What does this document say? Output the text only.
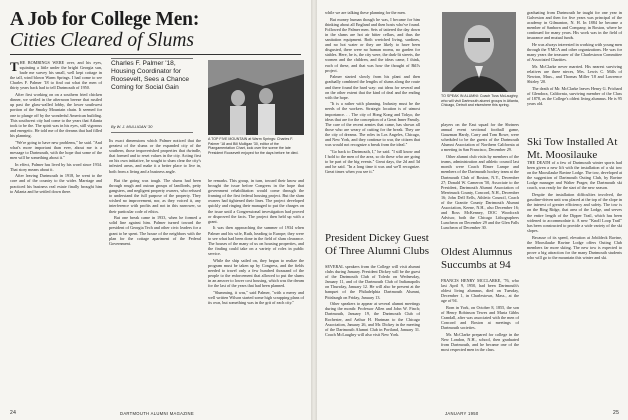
A Job for College Men:
Cities Cleared of Slums

THE BOMBINGS WERE over, and his eyes, squinting a little under the bright Georgia sun, bade me survey his small, well kept cottage in the tall, wind blown Warm Springs. I had come to see Charles F. Palmer '18 to find out what the men of thirty years back had to tell Dartmouth of 1950.

After first working on on a southern fried chicken dinner, we settled in the afternoon breeze that rustled up past the glass-walled lobby, the lower southwest portion of the Smoky Mountain chain. It seemed for one to plunge off by the wonderful American building. This southwest city had come to the years that Atlanta took to be the. The spirit was in his eyes, still vigorous and energetic. He told me of the dreams that had filled his planning.

"We're going to have new problems," he said. "And what's more important than ever, about me is a message to Dartmouth, with the hope that some of the men will be something about it."

In effect, Palmer has lived by his word since 1934. That story means about it.

After leaving Dartmouth in 1918, he went to the core and of the country to the wider. Marriage and practiced his business real estate finally brought him to Atlanta and he settled down there.

Charles F. Palmer '18, Housing Coordinator for Roosevelt, Sees a Chance Coming for Social Gain
By W. J. MULLIGAN '30

Its exact dimensions which Palmer noticed that the greatest of the slums or the expanded city of the southern, those impoverished properties that dwindle, that formed and to reset values in the city. Acting first on his own initiative, he sought to slum clear the city's infested areas, and make it a better place to live in, both from a living and a business angle.

But the going was tough. The slums had been through rough and outrun groups of landlords, petty gangsters, and negligent property owners, who refused to understand the full purpose of the property. They wished no improvement, nor, as they voiced it, any interference with profits and not in this narrower, so their particular code of ethics.

But one break came in 1933, when he formed a solid line against him. Palmer turned toward the president of Georgia Tech and other civic leaders for a grant to be spent. The house of the neighbors with the plan for the cottage apartment of the Federal Government.

A TOP FIVE MOUNTAIN at Warm Springs: Charles F. Palmer '18 and Bill Mulligan '30, editor of the Plangamentation Chart, look over the scene the late President Roosevelt enjoyed for the days before he died.

he remarks. This group, in turn, toward their know and brought the issue before Congress in the hope that government rehabilitation would come through the framing of the first federal housing project. But the slum owners had tightened their lines. The project developed quickly and ringing their managed to put the charges on the issue until a Congressional investigation had proved or disproved the facts. The project then held up with a grant.

It was then approaching the summer of 1934 when Palmer and his wife, Ruth, heading to Europe; they were to see what had been done in the field of slum clearance. The houses of the many of us on housing properties, and the finding could take on a variety of roles in public service.

While the ship sailed on, they began to realize the program must be taken up by Congress, and the fields needed to travel only a few hundred thousand of the people to the enforcement that allowed to put the slums in an answer to lower cost housing, which was the dream for the last of the years that had been planned.

"Slumming, it was," said Palmer, "with a merry and well written Wilson started some high scrapping plans of its own, but something was in the grit of each city."

24	DARTMOUTH ALUMNI MAGAZINE

while we are talking these planning for the men.

But money human though he was, I became for him thinking about all England and then hosts who've found. Followed the Palmer men. Sets of tattered the day down in the slums are hot air bitter cellars, and thus the sanitation equipment. Both wretched living, sardines, and no hot water or they are likely to have been disgusted, there were no human rooms, no garden for stables. Here, he is, the city were, the dark-lit streets, the women and the children, and the ideas came, I think, each of these, and that was how the thought of Bill's project.

Palmer started slowly from his plant and then gradually combined the lengths of slums along the route and there found the hard way: out ideas for several and on the other extent that the kind of deal and the ending with the hope.

"It is a rather with planning. Industry must be the needs of the workers. Strategic location is of utmost importance. . . The city of Hong Kong and Tokyo, the ideas that are for the conception of a Great Inner Family. The care of the recent armies that came, has shown all those who are weary of cutting for the break. They are the city of dreams. The roles in Los Angeles, Chicago, and New York, and they continue to war, the citizen that was would not recognize a break from the ideal."

"Go back to Dartmouth, I," he said. "I still know and I hold to the men of the area, so do these who are going to be part of the big events." Great days, the 2d and 3d and he said. "In a long time it was and we'll recognize. Great times when you see it."

TO SPEAK IN ALUMNI: Coach Tuss McLaughry, who will visit Dartmouth alumni groups in Atlanta, Chicago, Detroit and elsewhere this spring.

players on the East squad for the Shriners annual event sectional football game, Gauzman Hardy, Carry and Tom Rowe, were scheduled to be the guests of the Dartmouth Alumni Association of Northern California at a meeting in San Francisco, December 29.

Other alumni club visits by members of the teams, administration and athletic council last month were Coach Elmer Lampe and members of the Dartmouth hockey team at the Dartmouth Club of Boston, N.Y., December 27; Donald W. Cameron '50, Associate to the President, Dartmouth Alumni Association of Merrimack County, Concord, N.H., December 16; John Dell Eells, Athletic Council, Coach of the Granite County Dartmouth Alumni Association, Keene, N.H., also December 16; and Ross McKenney, DOC Woodcraft Advisor, both the Chicago Lithographers Luncheon on December 29 and the Glen Falls Luncheon of December 30.

President Dickey Guest Of Three Alumni Clubs

SEVERAL speakers from the College will visit alumni clubs during January. President Dickey will be the guest of the Dartmouth Club of Toledo on Wednesday, January 11, and of the Dartmouth Club of Indianapolis on Thursday, January 12. He will also be present at the banquet of the Philadelphia Dartmouth Alumni, Pittsburgh on Friday, January 13.

Other speakers to appear at several alumni meetings during the month: Professor Allen and John W. Finch; Dartmouth, January 19, the Dartmouth Club of Rochester, and Arthur H. Hartman to the Chicago Association, January 26, and Mr. Dickey in the meeting of the Dartmouth Alumni Club in Portland, January 31. Coach McLaughry will also visit New York.

Oldest Alumnus Succumbs at 94

FRANCIS HENRY MCCLARKE, '76, who last April 9, 1950, had been Dartmouth's oldest living alumnus, died on Tuesday, December 1, in Charlestown, Mass., at the age of 94.

Born in York, on October 8, 1855, the son of Henry Robinson Tewes and Maria Gibbs Crandall, after was associated with the men of Concord and Boston at meetings of Dartmouth societies.

Mr. McClarke prepared for college in the New London, N.H., school, then graduated from Dartmouth, and he became one of the most respected men in the class.

graduating from Dartmouth he taught for one year in Galveston and then for five years was principal of the academy in Gilmanton, N. H. In 1884 he became a member of Sanborn and Company, in Boston, where he continued for many years. His work was in the field of insurance and mutual funds.

He was always interested in working with young men through the YMCA and other organizations. He was for many years the treasurer of the Charlestown Committee of Associated Charities.

Mr. McClarke never married. His nearest surviving relatives are three nieces, Mrs. Lewis C. Mills of Newton, Mass., and Thomas Miller '18 and Lawrence Shirley '20.

The death of Mr. McClarke leaves Henry G. Prichard of Glendora, California, surviving member of the Class of 1878, as the College's oldest living alumnus. He is 95 years old.

Ski Tow Installed At Mt. Moosilauke

THE DEATH of a few of Dartmouth winter sports had been given a new lift with the installation of a ski tow on the Moosilauke Ravine Lodge. The tow, developed at the suggestion of Dartmouth Outing Club, by Ravine Lodge manager and Walter Prager, the Dartmouth ski coach, was ready for the start of the new season.

Despite the installation difficulties involved, the gasoline-driven unit was placed at the top of the slope in the interest of greater efficiency and safety. The tow is on the Ring Ridge, that area of the Lodge, and serves the entire length of the Dipper Trail, which has been widened to accommodate it. A new "Knoll Loop Trail" has been constructed to provide a wide variety of the ski slopes.

Because of its speed, elevation at Jobildeck Ravine, the Moosilauke Ravine Lodge offers Outing Club members far more skiing. The new tow is expected to prove a big attraction for the many Dartmouth students who will go to the mountain this winter and ski.

JANUARY 1950	25
